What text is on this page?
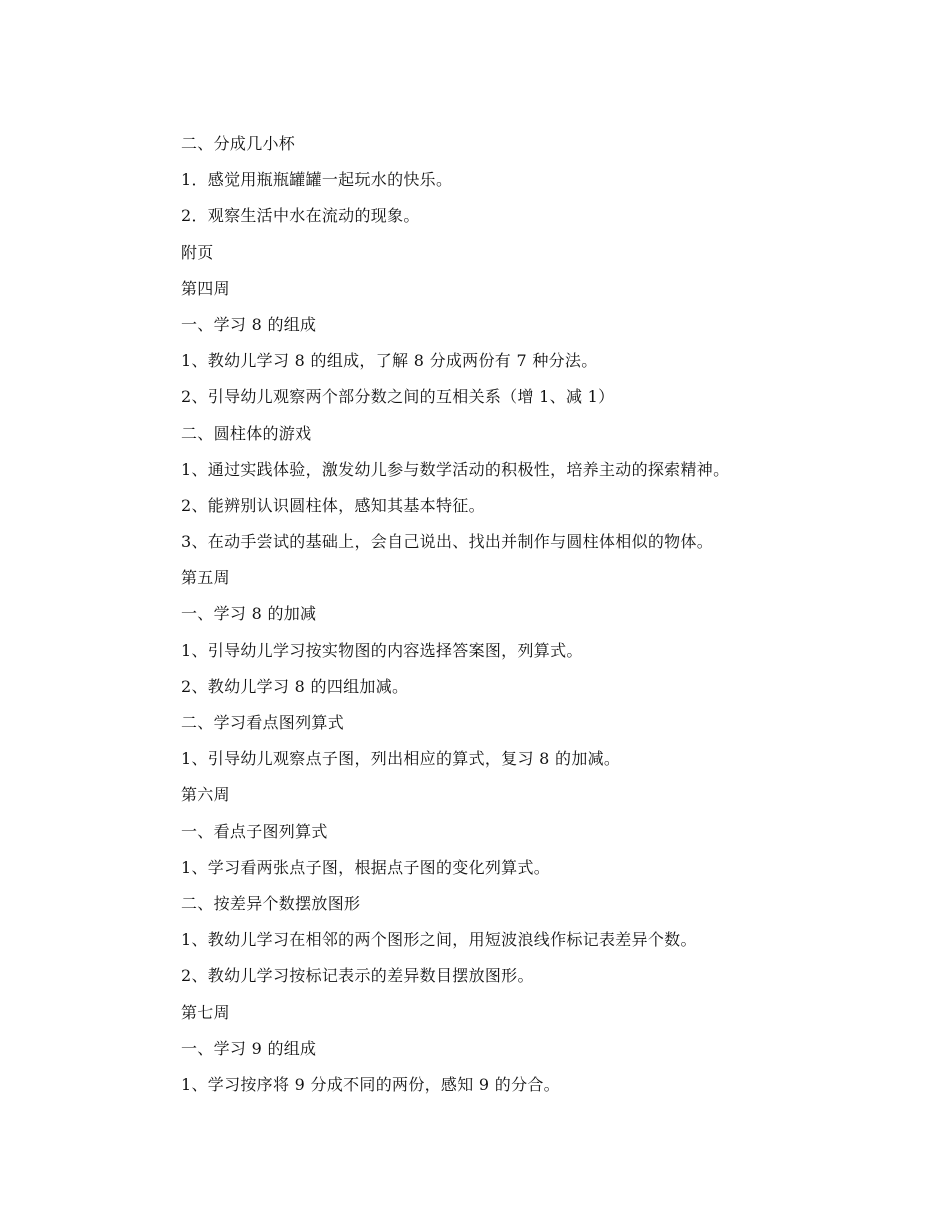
二、分成几小杯
1．感觉用瓶瓶罐罐一起玩水的快乐。
2．观察生活中水在流动的现象。
附页
第四周
一、学习 8 的组成
1、教幼儿学习 8 的组成，了解 8 分成两份有 7 种分法。
2、引导幼儿观察两个部分数之间的互相关系（增 1、减 1）
二、圆柱体的游戏
1、通过实践体验，激发幼儿参与数学活动的积极性，培养主动的探索精神。
2、能辨别认识圆柱体，感知其基本特征。
3、在动手尝试的基础上，会自己说出、找出并制作与圆柱体相似的物体。
第五周
一、学习 8 的加减
1、引导幼儿学习按实物图的内容选择答案图，列算式。
2、教幼儿学习 8 的四组加减。
二、学习看点图列算式
1、引导幼儿观察点子图，列出相应的算式，复习 8 的加减。
第六周
一、看点子图列算式
1、学习看两张点子图，根据点子图的变化列算式。
二、按差异个数摆放图形
1、教幼儿学习在相邻的两个图形之间，用短波浪线作标记表差异个数。
2、教幼儿学习按标记表示的差异数目摆放图形。
第七周
一、学习 9 的组成
1、学习按序将 9 分成不同的两份，感知 9 的分合。
